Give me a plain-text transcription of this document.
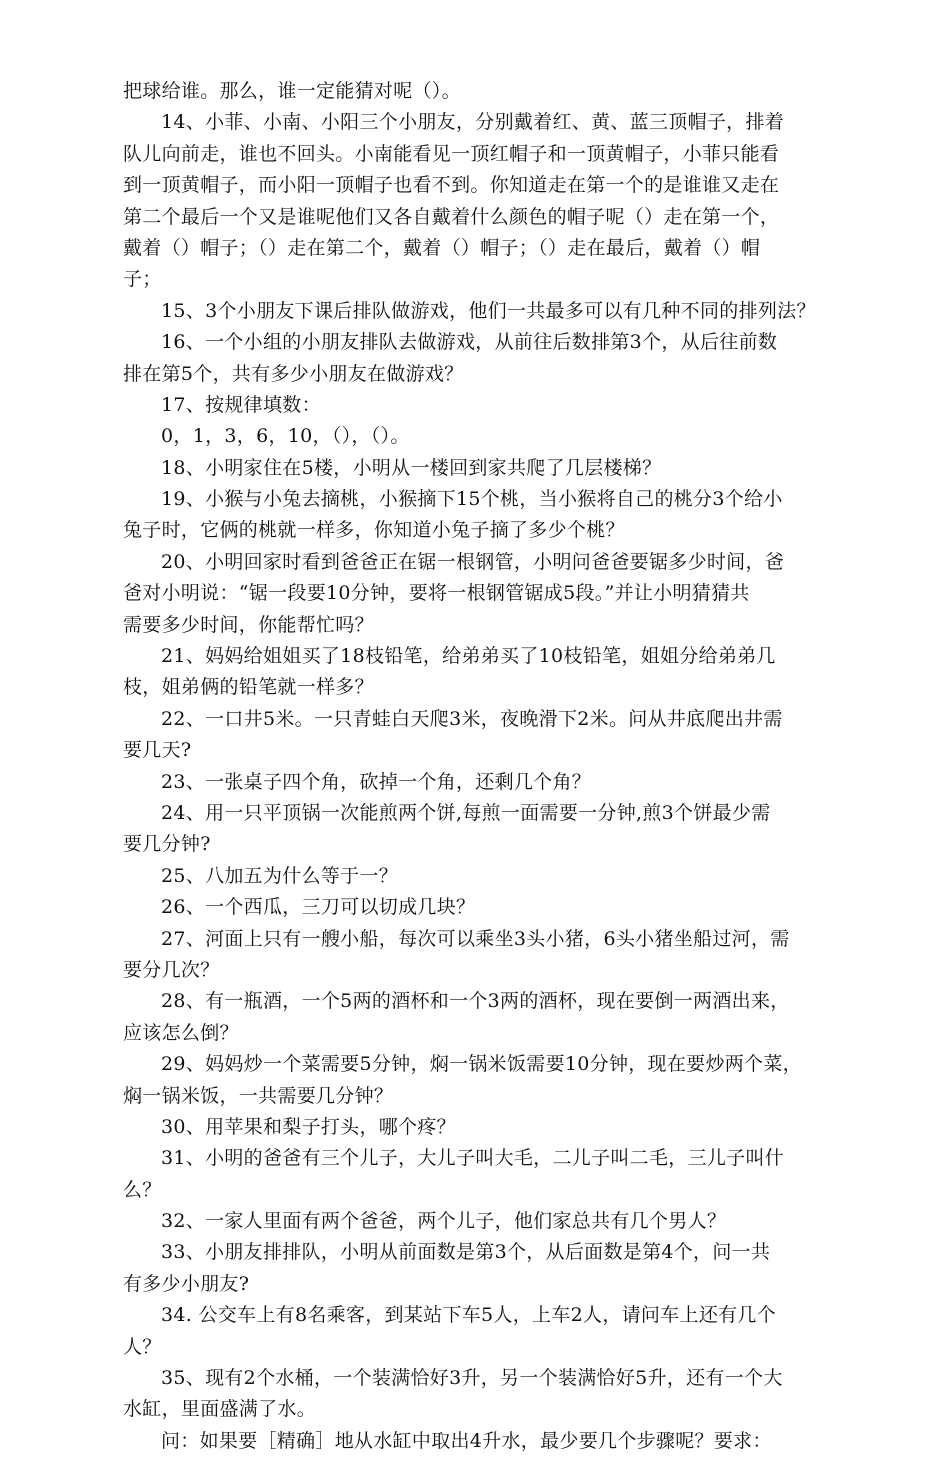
把球给谁。那么，谁一定能猜对呢（）。
14、小菲、小南、小阳三个小朋友，分别戴着红、黄、蓝三顶帽子，排着
队儿向前走，谁也不回头。小南能看见一顶红帽子和一顶黄帽子，小菲只能看
到一顶黄帽子，而小阳一顶帽子也看不到。你知道走在第一个的是谁谁又走在
第二个最后一个又是谁呢他们又各自戴着什么颜色的帽子呢（）走在第一个，
戴着（）帽子；（）走在第二个，戴着（）帽子；（）走在最后，戴着（）帽
子；
15、3个小朋友下课后排队做游戏，他们一共最多可以有几种不同的排列法？
16、一个小组的小朋友排队去做游戏，从前往后数排第3个，从后往前数
排在第5个，共有多少小朋友在做游戏？
17、按规律填数：
0，1，3，6，10，（），（）。
18、小明家住在5楼，小明从一楼回到家共爬了几层楼梯？
19、小猴与小兔去摘桃，小猴摘下15个桃，当小猴将自己的桃分3个给小
兔子时，它俩的桃就一样多，你知道小兔子摘了多少个桃？
20、小明回家时看到爸爸正在锯一根钢管，小明问爸爸要锯多少时间，爸
爸对小明说：“锯一段要10分钟，要将一根钢管锯成5段。”并让小明猜猜共
需要多少时间，你能帮忙吗？
21、妈妈给姐姐买了18枝铅笔，给弟弟买了10枝铅笔，姐姐分给弟弟几
枝，姐弟俩的铅笔就一样多？
22、一口井5米。一只青蛙白天爬3米，夜晚滑下2米。问从井底爬出井需
要几天?
23、一张桌子四个角，砍掉一个角，还剩几个角？
24、用一只平顶锅一次能煎两个饼,每煎一面需要一分钟,煎3个饼最少需
要几分钟?
25、八加五为什么等于一？
26、一个西瓜，三刀可以切成几块？
27、河面上只有一艘小船，每次可以乘坐3头小猪，6头小猪坐船过河，需
要分几次？
28、有一瓶酒，一个5两的酒杯和一个3两的酒杯，现在要倒一两酒出来，
应该怎么倒？
29、妈妈炒一个菜需要5分钟，焖一锅米饭需要10分钟，现在要炒两个菜，
焖一锅米饭，一共需要几分钟？
30、用苹果和梨子打头，哪个疼？
31、小明的爸爸有三个儿子，大儿子叫大毛，二儿子叫二毛，三儿子叫什
么？
32、一家人里面有两个爸爸，两个儿子，他们家总共有几个男人？
33、小朋友排排队，小明从前面数是第3个，从后面数是第4个，问一共
有多少小朋友?
34. 公交车上有8名乘客，到某站下车5人，上车2人，请问车上还有几个
人？
35、现有2个水桶，一个装满恰好3升，另一个装满恰好5升，还有一个大
水缸，里面盛满了水。
问：如果要［精确］地从水缸中取出4升水，最少要几个步骤呢？要求：
